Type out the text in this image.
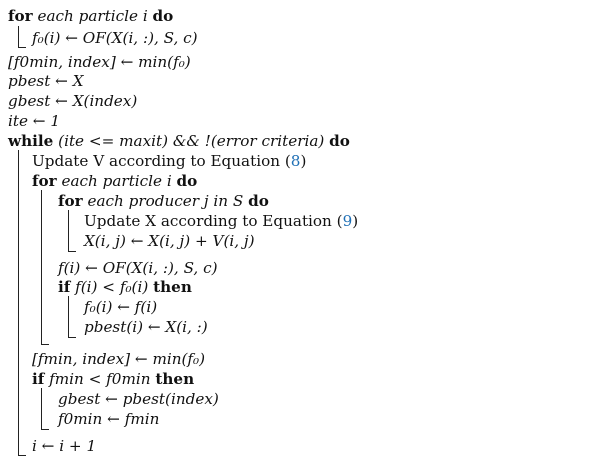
for each particle i do
f₀(i) ← OF(X(i, :), S, c)
[f0min, index] ← min(f₀)
pbest ← X
gbest ← X(index)
ite ← 1
while (ite <= maxit) && !(error criteria) do
Update V according to Equation (8)
for each particle i do
for each producer j in S do
Update X according to Equation (9)
X(i, j) ← X(i, j) + V(i, j)
f(i) ← OF(X(i, :), S, c)
if f(i) < f₀(i) then
f₀(i) ← f(i)
pbest(i) ← X(i, :)
[fmin, index] ← min(f₀)
if fmin < f0min then
gbest ← pbest(index)
f0min ← fmin
i ← i + 1
